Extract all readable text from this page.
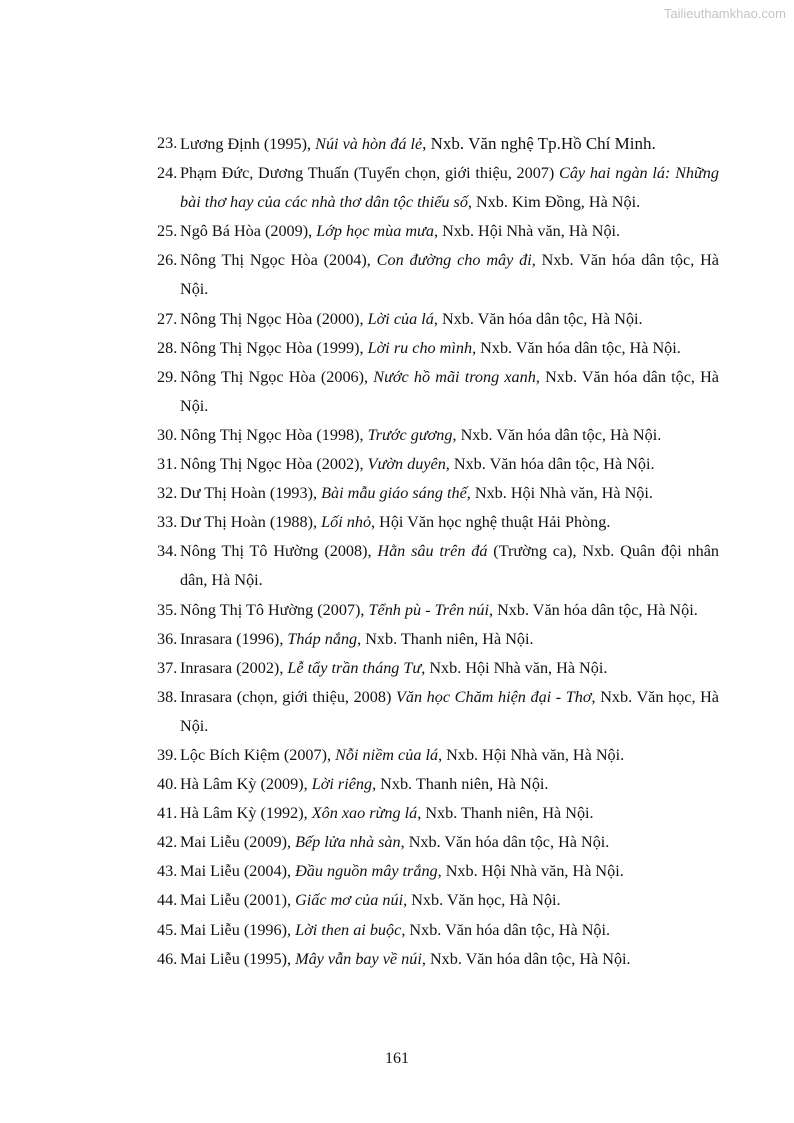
Tailieuthamkhao.com
23. Lương Định (1995), Núi và hòn đá lẻ, Nxb. Văn nghệ Tp.Hồ Chí Minh.
24. Phạm Đức, Dương Thuấn (Tuyển chọn, giới thiệu, 2007) Cây hai ngàn lá: Những bài thơ hay của các nhà thơ dân tộc thiểu số, Nxb. Kim Đồng, Hà Nội.
25. Ngô Bá Hòa (2009), Lớp học mùa mưa, Nxb. Hội Nhà văn, Hà Nội.
26. Nông Thị Ngọc Hòa (2004), Con đường cho mây đi, Nxb. Văn hóa dân tộc, Hà Nội.
27. Nông Thị Ngọc Hòa (2000), Lời của lá, Nxb. Văn hóa dân tộc, Hà Nội.
28. Nông Thị Ngọc Hòa (1999), Lời ru cho mình, Nxb. Văn hóa dân tộc, Hà Nội.
29. Nông Thị Ngọc Hòa (2006), Nước hồ mãi trong xanh, Nxb. Văn hóa dân tộc, Hà Nội.
30. Nông Thị Ngọc Hòa (1998), Trước gương, Nxb. Văn hóa dân tộc, Hà Nội.
31. Nông Thị Ngọc Hòa (2002), Vườn duyên, Nxb. Văn hóa dân tộc, Hà Nội.
32. Dư Thị Hoàn (1993), Bài mẫu giáo sáng thế, Nxb. Hội Nhà văn, Hà Nội.
33. Dư Thị Hoàn (1988), Lối nhỏ, Hội Văn học nghệ thuật Hải Phòng.
34. Nông Thị Tô Hường (2008), Hằn sâu trên đá (Trường ca), Nxb. Quân đội nhân dân, Hà Nội.
35. Nông Thị Tô Hường (2007), Tểnh pù - Trên núi, Nxb. Văn hóa dân tộc, Hà Nội.
36. Inrasara (1996), Tháp nắng, Nxb. Thanh niên, Hà Nội.
37. Inrasara (2002), Lễ tẩy trần tháng Tư, Nxb. Hội Nhà văn, Hà Nội.
38. Inrasara (chọn, giới thiệu, 2008) Văn học Chăm hiện đại - Thơ, Nxb. Văn học, Hà Nội.
39. Lộc Bích Kiệm (2007), Nỗi niềm của lá, Nxb. Hội Nhà văn, Hà Nội.
40. Hà Lâm Kỳ (2009), Lời riêng, Nxb. Thanh niên, Hà Nội.
41. Hà Lâm Kỳ (1992), Xôn xao rừng lá, Nxb. Thanh niên, Hà Nội.
42. Mai Liễu (2009), Bếp lửa nhà sàn, Nxb. Văn hóa dân tộc, Hà Nội.
43. Mai Liễu (2004), Đầu nguồn mây trắng, Nxb. Hội Nhà văn, Hà Nội.
44. Mai Liễu (2001), Giấc mơ của núi, Nxb. Văn học, Hà Nội.
45. Mai Liễu (1996), Lời then ai buộc, Nxb. Văn hóa dân tộc, Hà Nội.
46. Mai Liễu (1995), Mây vẫn bay về núi, Nxb. Văn hóa dân tộc, Hà Nội.
161
